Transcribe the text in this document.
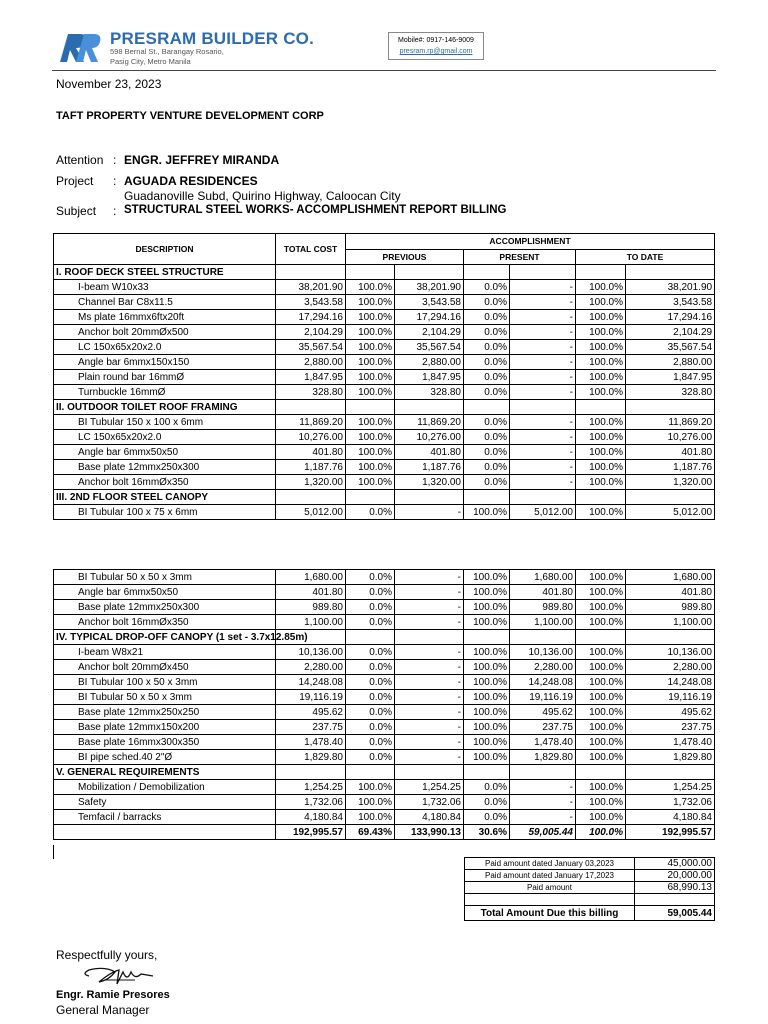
PRESRAM BUILDER CO.
598 Bernal St., Barangay Rosario,
Pasig City, Metro Manila
Mobile#: 0917-146-9009
presram.rp@gmail.com
November 23, 2023
TAFT PROPERTY VENTURE DEVELOPMENT CORP
Attention : ENGR. JEFFREY MIRANDA
Project : AGUADA RESIDENCES
Guadanoville Subd, Quirino Highway, Caloocan City
Subject : STRUCTURAL STEEL WORKS- ACCOMPLISHMENT REPORT BILLING
DESCRIPTION	TOTAL COST	ACCOMPLISHMENT					
		PREVIOUS		PRESENT		TO DATE	
I. ROOF DECK STEEL STRUCTURE							
I-beam W10x33	38,201.90	100.0%	38,201.90	0.0%	-	100.0%	38,201.90
Channel Bar C8x11.5	3,543.58	100.0%	3,543.58	0.0%	-	100.0%	3,543.58
Ms plate 16mmx6ftx20ft	17,294.16	100.0%	17,294.16	0.0%	-	100.0%	17,294.16
Anchor bolt 20mmØx500	2,104.29	100.0%	2,104.29	0.0%	-	100.0%	2,104.29
LC 150x65x20x2.0	35,567.54	100.0%	35,567.54	0.0%	-	100.0%	35,567.54
Angle bar 6mmx150x150	2,880.00	100.0%	2,880.00	0.0%	-	100.0%	2,880.00
Plain round bar 16mmØ	1,847.95	100.0%	1,847.95	0.0%	-	100.0%	1,847.95
Turnbuckle 16mmØ	328.80	100.0%	328.80	0.0%	-	100.0%	328.80
II. OUTDOOR TOILET ROOF FRAMING							
BI Tubular 150 x 100 x 6mm	11,869.20	100.0%	11,869.20	0.0%	-	100.0%	11,869.20
LC 150x65x20x2.0	10,276.00	100.0%	10,276.00	0.0%	-	100.0%	10,276.00
Angle bar 6mmx50x50	401.80	100.0%	401.80	0.0%	-	100.0%	401.80
Base plate 12mmx250x300	1,187.76	100.0%	1,187.76	0.0%	-	100.0%	1,187.76
Anchor bolt 16mmØx350	1,320.00	100.0%	1,320.00	0.0%	-	100.0%	1,320.00
III. 2ND FLOOR STEEL CANOPY							
BI Tubular 100 x 75 x 6mm	5,012.00	0.0%	-	100.0%	5,012.00	100.0%	5,012.00
BI Tubular 50 x 50 x 3mm	1,680.00	0.0%	-	100.0%	1,680.00	100.0%	1,680.00
Angle bar 6mmx50x50	401.80	0.0%	-	100.0%	401.80	100.0%	401.80
Base plate 12mmx250x300	989.80	0.0%	-	100.0%	989.80	100.0%	989.80
Anchor bolt 16mmØx350	1,100.00	0.0%	-	100.0%	1,100.00	100.0%	1,100.00
IV. TYPICAL DROP-OFF CANOPY (1 set - 3.7x12.85m)							
I-beam W8x21	10,136.00	0.0%	-	100.0%	10,136.00	100.0%	10,136.00
Anchor bolt 20mmØx450	2,280.00	0.0%	-	100.0%	2,280.00	100.0%	2,280.00
BI Tubular 100 x 50 x 3mm	14,248.08	0.0%	-	100.0%	14,248.08	100.0%	14,248.08
BI Tubular 50 x 50 x 3mm	19,116.19	0.0%	-	100.0%	19,116.19	100.0%	19,116.19
Base plate 12mmx250x250	495.62	0.0%	-	100.0%	495.62	100.0%	495.62
Base plate 12mmx150x200	237.75	0.0%	-	100.0%	237.75	100.0%	237.75
Base plate 16mmx300x350	1,478.40	0.0%	-	100.0%	1,478.40	100.0%	1,478.40
BI pipe sched.40 2"Ø	1,829.80	0.0%	-	100.0%	1,829.80	100.0%	1,829.80
V. GENERAL REQUIREMENTS							
Mobilization / Demobilization	1,254.25	100.0%	1,254.25	0.0%	-	100.0%	1,254.25
Safety	1,732.06	100.0%	1,732.06	0.0%	-	100.0%	1,732.06
Temfacil / barracks	4,180.84	100.0%	4,180.84	0.0%	-	100.0%	4,180.84
	192,995.57	69.43%	133,990.13	30.6%	59,005.44	100.0%	192,995.57
Paid amount dated January 03,2023	45,000.00
Paid amount dated January 17,2023	20,000.00
Paid amount	68,990.13

Total Amount Due this billing	59,005.44
Respectfully yours,
Engr. Ramie Presores
General Manager
